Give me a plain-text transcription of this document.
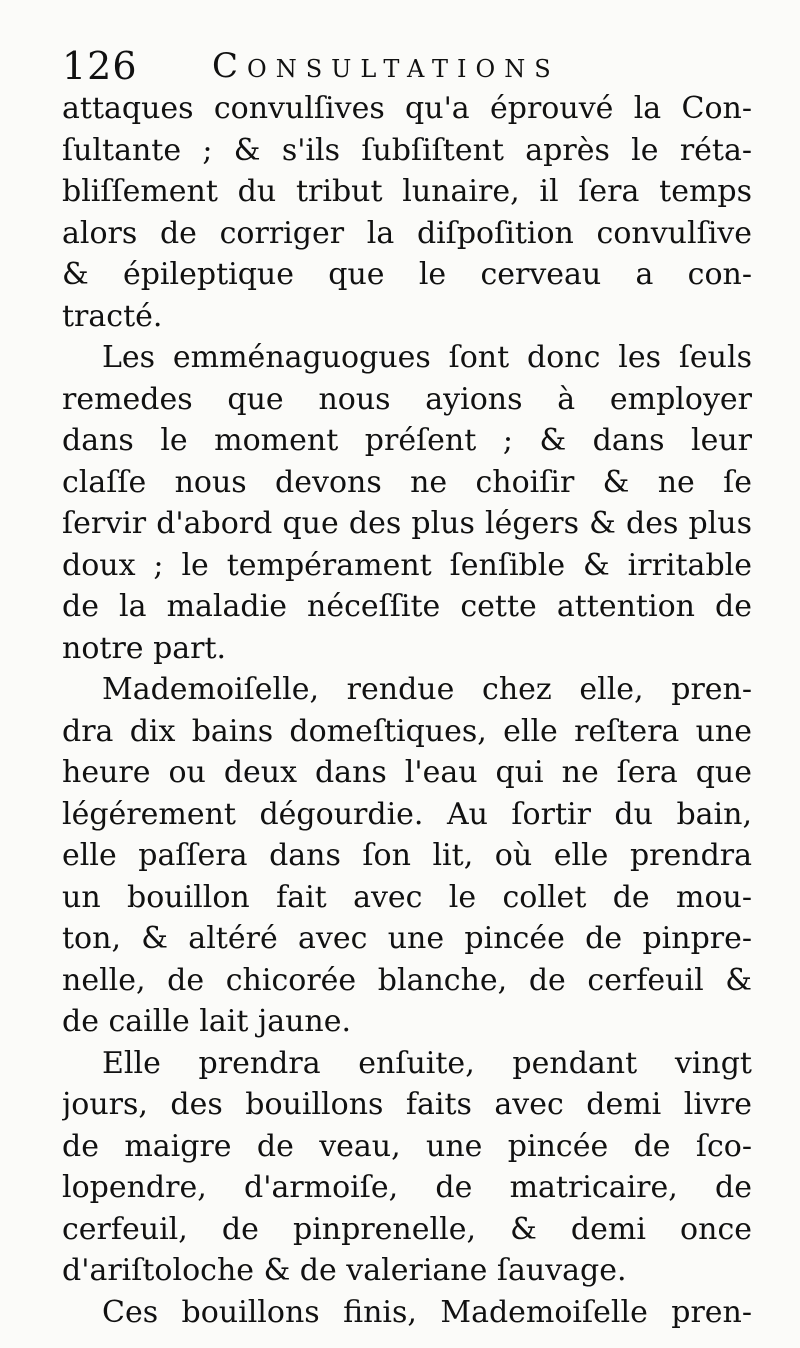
126 Consultations
attaques convulſives qu'a éprouvé la Con-
ſultante ; & s'ils ſubſiſtent après le réta-
bliſſement du tribut lunaire, il ſera temps
alors de corriger la diſpoſition convulſive
& épileptique que le cerveau a con-
tracté.
Les emménaguogues ſont donc les ſeuls
remedes que nous ayions à employer
dans le moment préſent ; & dans leur
claſſe nous devons ne choiſir & ne ſe
ſervir d'abord que des plus légers & des plus
doux ; le tempérament ſenſible & irritable
de la maladie néceſſite cette attention de
notre part.
Mademoiſelle, rendue chez elle, pren-
dra dix bains domeſtiques, elle reſtera une
heure ou deux dans l'eau qui ne ſera que
légérement dégourdie. Au ſortir du bain,
elle paſſera dans ſon lit, où elle prendra
un bouillon fait avec le collet de mou-
ton, & altéré avec une pincée de pinpre-
nelle, de chicorée blanche, de cerfeuil &
de caille lait jaune.
Elle prendra enſuite, pendant vingt
jours, des bouillons faits avec demi livre
de maigre de veau, une pincée de ſco-
lopendre, d'armoiſe, de matricaire, de
cerfeuil, de pinprenelle, & demi once
d'ariſtoloche & de valeriane ſauvage.
Ces bouillons finis, Mademoiſelle pren-
